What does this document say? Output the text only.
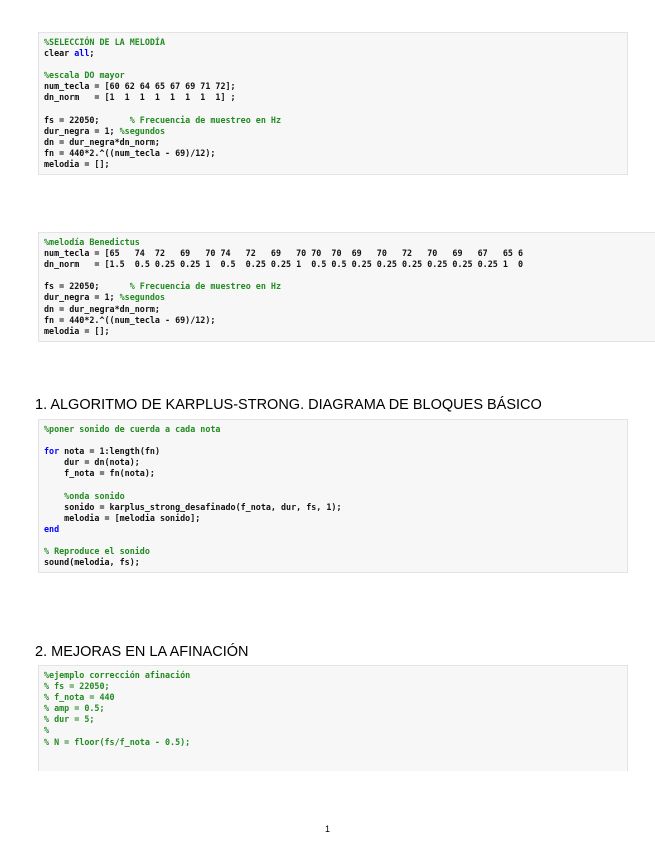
%SELECCIÓN DE LA MELODÍA
clear all;
%escala DO mayor
num_tecla = [60 62 64 65 67 69 71 72];
dn_norm   = [1  1  1  1  1  1  1  1] ;
fs = 22050;      % Frecuencia de muestreo en Hz
dur_negra = 1; %segundos
dn = dur_negra*dn_norm;
fn = 440*2.^((num_tecla - 69)/12);
melodia = [];
%melodía Benedictus
num_tecla = [65   74  72   69   70 74   72   69   70 70  70  69   70   72   70   69   67   65 6
dn_norm   = [1.5  0.5 0.25 0.25 1  0.5  0.25 0.25 1  0.5 0.5 0.25 0.25 0.25 0.25 0.25 0.25 1  0
fs = 22050;      % Frecuencia de muestreo en Hz
dur_negra = 1; %segundos
dn = dur_negra*dn_norm;
fn = 440*2.^((num_tecla - 69)/12);
melodia = [];
1. ALGORITMO DE KARPLUS-STRONG. DIAGRAMA DE BLOQUES BÁSICO
%poner sonido de cuerda a cada nota
for nota = 1:length(fn)
dur = dn(nota);
f_nota = fn(nota);
%onda sonido
sonido = karplus_strong_desafinado(f_nota, dur, fs, 1);
melodia = [melodia sonido];
end
% Reproduce el sonido
sound(melodia, fs);
2. MEJORAS EN LA AFINACIÓN
%ejemplo corrección afinación
% fs = 22050;
% f_nota = 440
% amp = 0.5;
% dur = 5;
%
% N = floor(fs/f_nota - 0.5);
1
